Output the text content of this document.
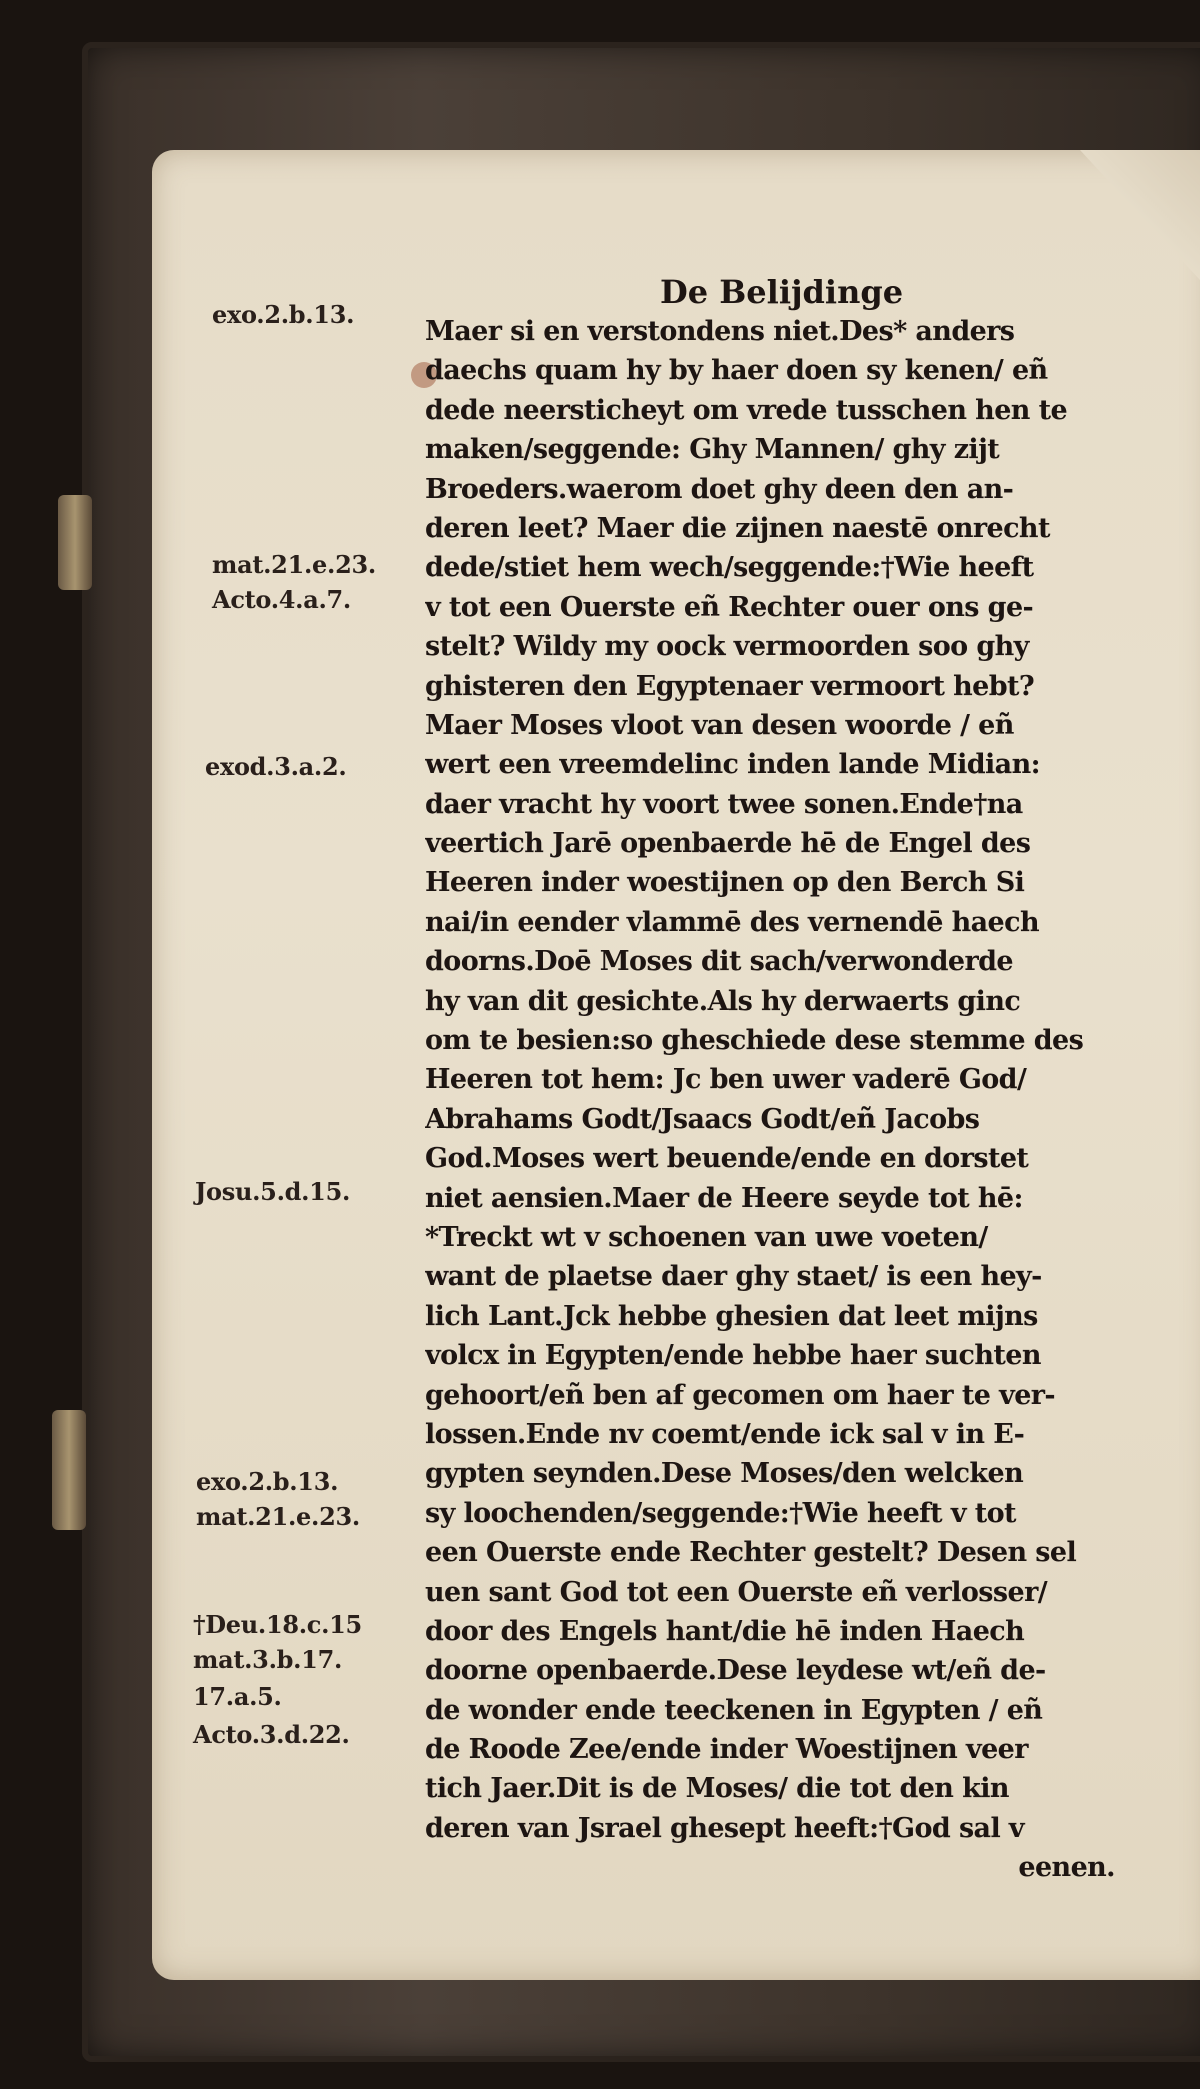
De Belijdinge
Maer si en verstondens niet.Des* anders
daechs quam hy by haer doen sy kenen/ eñ
dede neersticheyt om vrede tusschen hen te
maken/seggende: Ghy Mannen/ ghy zijt
Broeders.waerom doet ghy deen den an-
deren leet? Maer die zijnen naestē onrecht
dede/stiet hem wech/seggende:†Wie heeft
v tot een Ouerste eñ Rechter ouer ons ge-
stelt? Wildy my oock vermoorden soo ghy
ghisteren den Egyptenaer vermoort hebt?
Maer Moses vloot van desen woorde / eñ
wert een vreemdelinc inden lande Midian:
daer vracht hy voort twee sonen.Ende†na
veertich Jarē openbaerde hē de Engel des
Heeren inder woestijnen op den Berch Si
nai/in eender vlammē des vernendē haech
doorns.Doē Moses dit sach/verwonderde
hy van dit gesichte.Als hy derwaerts ginc
om te besien:so gheschiede dese stemme des
Heeren tot hem: Jc ben uwer vaderē God/
Abrahams Godt/Jsaacs Godt/eñ Jacobs
God.Moses wert beuende/ende en dorstet
niet aensien.Maer de Heere seyde tot hē:
*Treckt wt v schoenen van uwe voeten/
want de plaetse daer ghy staet/ is een hey-
lich Lant.Jck hebbe ghesien dat leet mijns
volcx in Egypten/ende hebbe haer suchten
gehoort/eñ ben af gecomen om haer te ver-
lossen.Ende nv coemt/ende ick sal v in E-
gypten seynden.Dese Moses/den welcken
sy loochenden/seggende:†Wie heeft v tot
een Ouerste ende Rechter gestelt? Desen sel
uen sant God tot een Ouerste eñ verlosser/
door des Engels hant/die hē inden Haech
doorne openbaerde.Dese leydese wt/eñ de-
de wonder ende teeckenen in Egypten / eñ
de Roode Zee/ende inder Woestijnen veer
tich Jaer.Dit is de Moses/ die tot den kin
deren van Jsrael ghesept heeft:†God sal v
eenen.
exo.2.b.13.
mat.21.e.23.
Acto.4.a.7.
exod.3.a.2.
Josu.5.d.15.
exo.2.b.13.
mat.21.e.23.
†Deu.18.c.15
mat.3.b.17.
17.a.5.
Acto.3.d.22.
